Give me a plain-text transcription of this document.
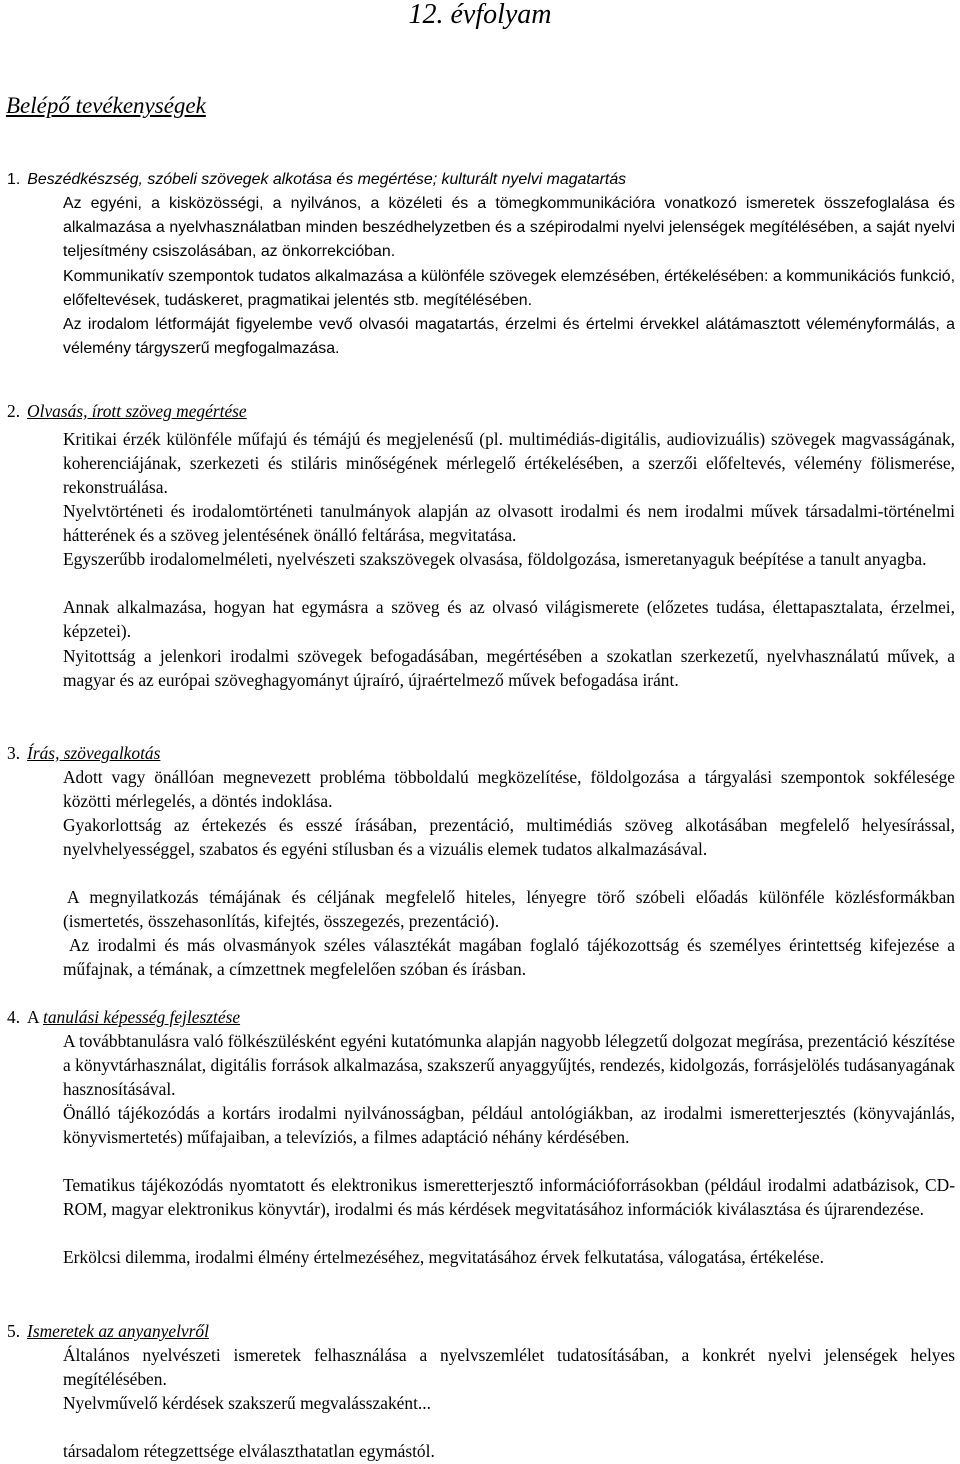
12. évfolyam
Belépő tevékenységek
1. Beszédkészség, szóbeli szövegek alkotása és megértése; kulturált nyelvi magatartás

Az egyéni, a kisközösségi, a nyilvános, a közéleti és a tömegkommunikációra vonatkozó ismeretek összefoglalása és alkalmazása a nyelvhasználatban minden beszédhelyzetben és a szépirodalmi nyelvi jelenségek megítélésében, a saját nyelvi teljesítmény csiszolásában, az önkorrekcióban.

Kommunikatív szempontok tudatos alkalmazása a különféle szövegek elemzésében, értékelésében: a kommunikációs funkció, előfeltevések, tudáskeret, pragmatikai jelentés stb. megítélésében.

Az irodalom létformáját figyelembe vevő olvasói magatartás, érzelmi és értelmi érvekkel alátámasztott véleményformálás, a vélemény tárgyszerű megfogalmazása.

2. Olvasás, írott szöveg megértése

Kritikai érzék különféle műfajú és témájú és megjelenésű (pl. multimédiás-digitális, audiovizuális) szövegek magvasságának, koherenciájának, szerkezeti és stiláris minőségének mérlegelő értékelésében, a szerzői előfeltevés, vélemény fölismerése, rekonstruálása.

Nyelvtörténeti és irodalomtörténeti tanulmányok alapján az olvasott irodalmi és nem irodalmi művek társadalmi-történelmi hátterének és a szöveg jelentésének önálló feltárása, megvitatása.

Egyszerűbb irodalomelméleti, nyelvészeti szakszövegek olvasása, földolgozása, ismeretanyaguk beépítése a tanult anyagba.

Annak alkalmazása, hogyan hat egymásra a szöveg és az olvasó világismerete (előzetes tudása, élettapasztalata, érzelmei, képzetei).

Nyitottság a jelenkori irodalmi szövegek befogadásában, megértésében a szokatlan szerkezetű, nyelvhasználatú művek, a magyar és az európai szöveghagyományt újraíró, újraértelmező művek befogadása iránt.

3. Írás, szövegalkotás

Adott vagy önállóan megnevezett probléma többoldalú megközelítése, földolgozása a tárgyalási szempontok sokfélesége közötti mérlegelés, a döntés indoklása.

Gyakorlottság az értekezés és esszé írásában, prezentáció, multimédiás szöveg alkotásában megfelelő helyesírással, nyelvhelyességgel, szabatos és egyéni stílusban és a vizuális elemek tudatos alkalmazásával.

A megnyilatkozás témájának és céljának megfelelő hiteles, lényegre törő szóbeli előadás különféle közlésformákban (ismertetés, összehasonlítás, kifejtés, összegezés, prezentáció).

Az irodalmi és más olvasmányok széles választékát magában foglaló tájékozottság és személyes érintettség kifejezése a műfajnak, a témának, a címzettnek megfelelően szóban és írásban.

4. A tanulási képesség fejlesztése

A továbbtanulásra való fölkészülésként egyéni kutatómunka alapján nagyobb lélegzetű dolgozat megírása, prezentáció készítése a könyvtárhasználat, digitális források alkalmazása, szakszerű anyaggyűjtés, rendezés, kidolgozás, forrásjelölés tudásanyagának hasznosításával.

Önálló tájékozódás a kortárs irodalmi nyilvánosságban, például antológiákban, az irodalmi ismeretterjesztés (könyvajánlás, könyvismertetés) műfajaiban, a televíziós, a filmes adaptáció néhány kérdésében.

Tematikus tájékozódás nyomtatott és elektronikus ismeretterjesztő információforrásokban (például irodalmi adatbázisok, CD-ROM, magyar elektronikus könyvtár), irodalmi és más kérdések megvitatásához információk kiválasztása és újrarendezése.

Erkölcsi dilemma, irodalmi élmény értelmezéséhez, megvitatásához érvek felkutatása, válogatása, értékelése.

5. Ismeretek az anyanyelvről

Általános nyelvészeti ismeretek felhasználása a nyelvszemlélet tudatosításában, a konkrét nyelvi jelenségek helyes megítélésében.

Nyelvművelő kérdések szakszerű megvalásszaként...

társadalom rétegzettsége elválaszthatatlan egymástól.
